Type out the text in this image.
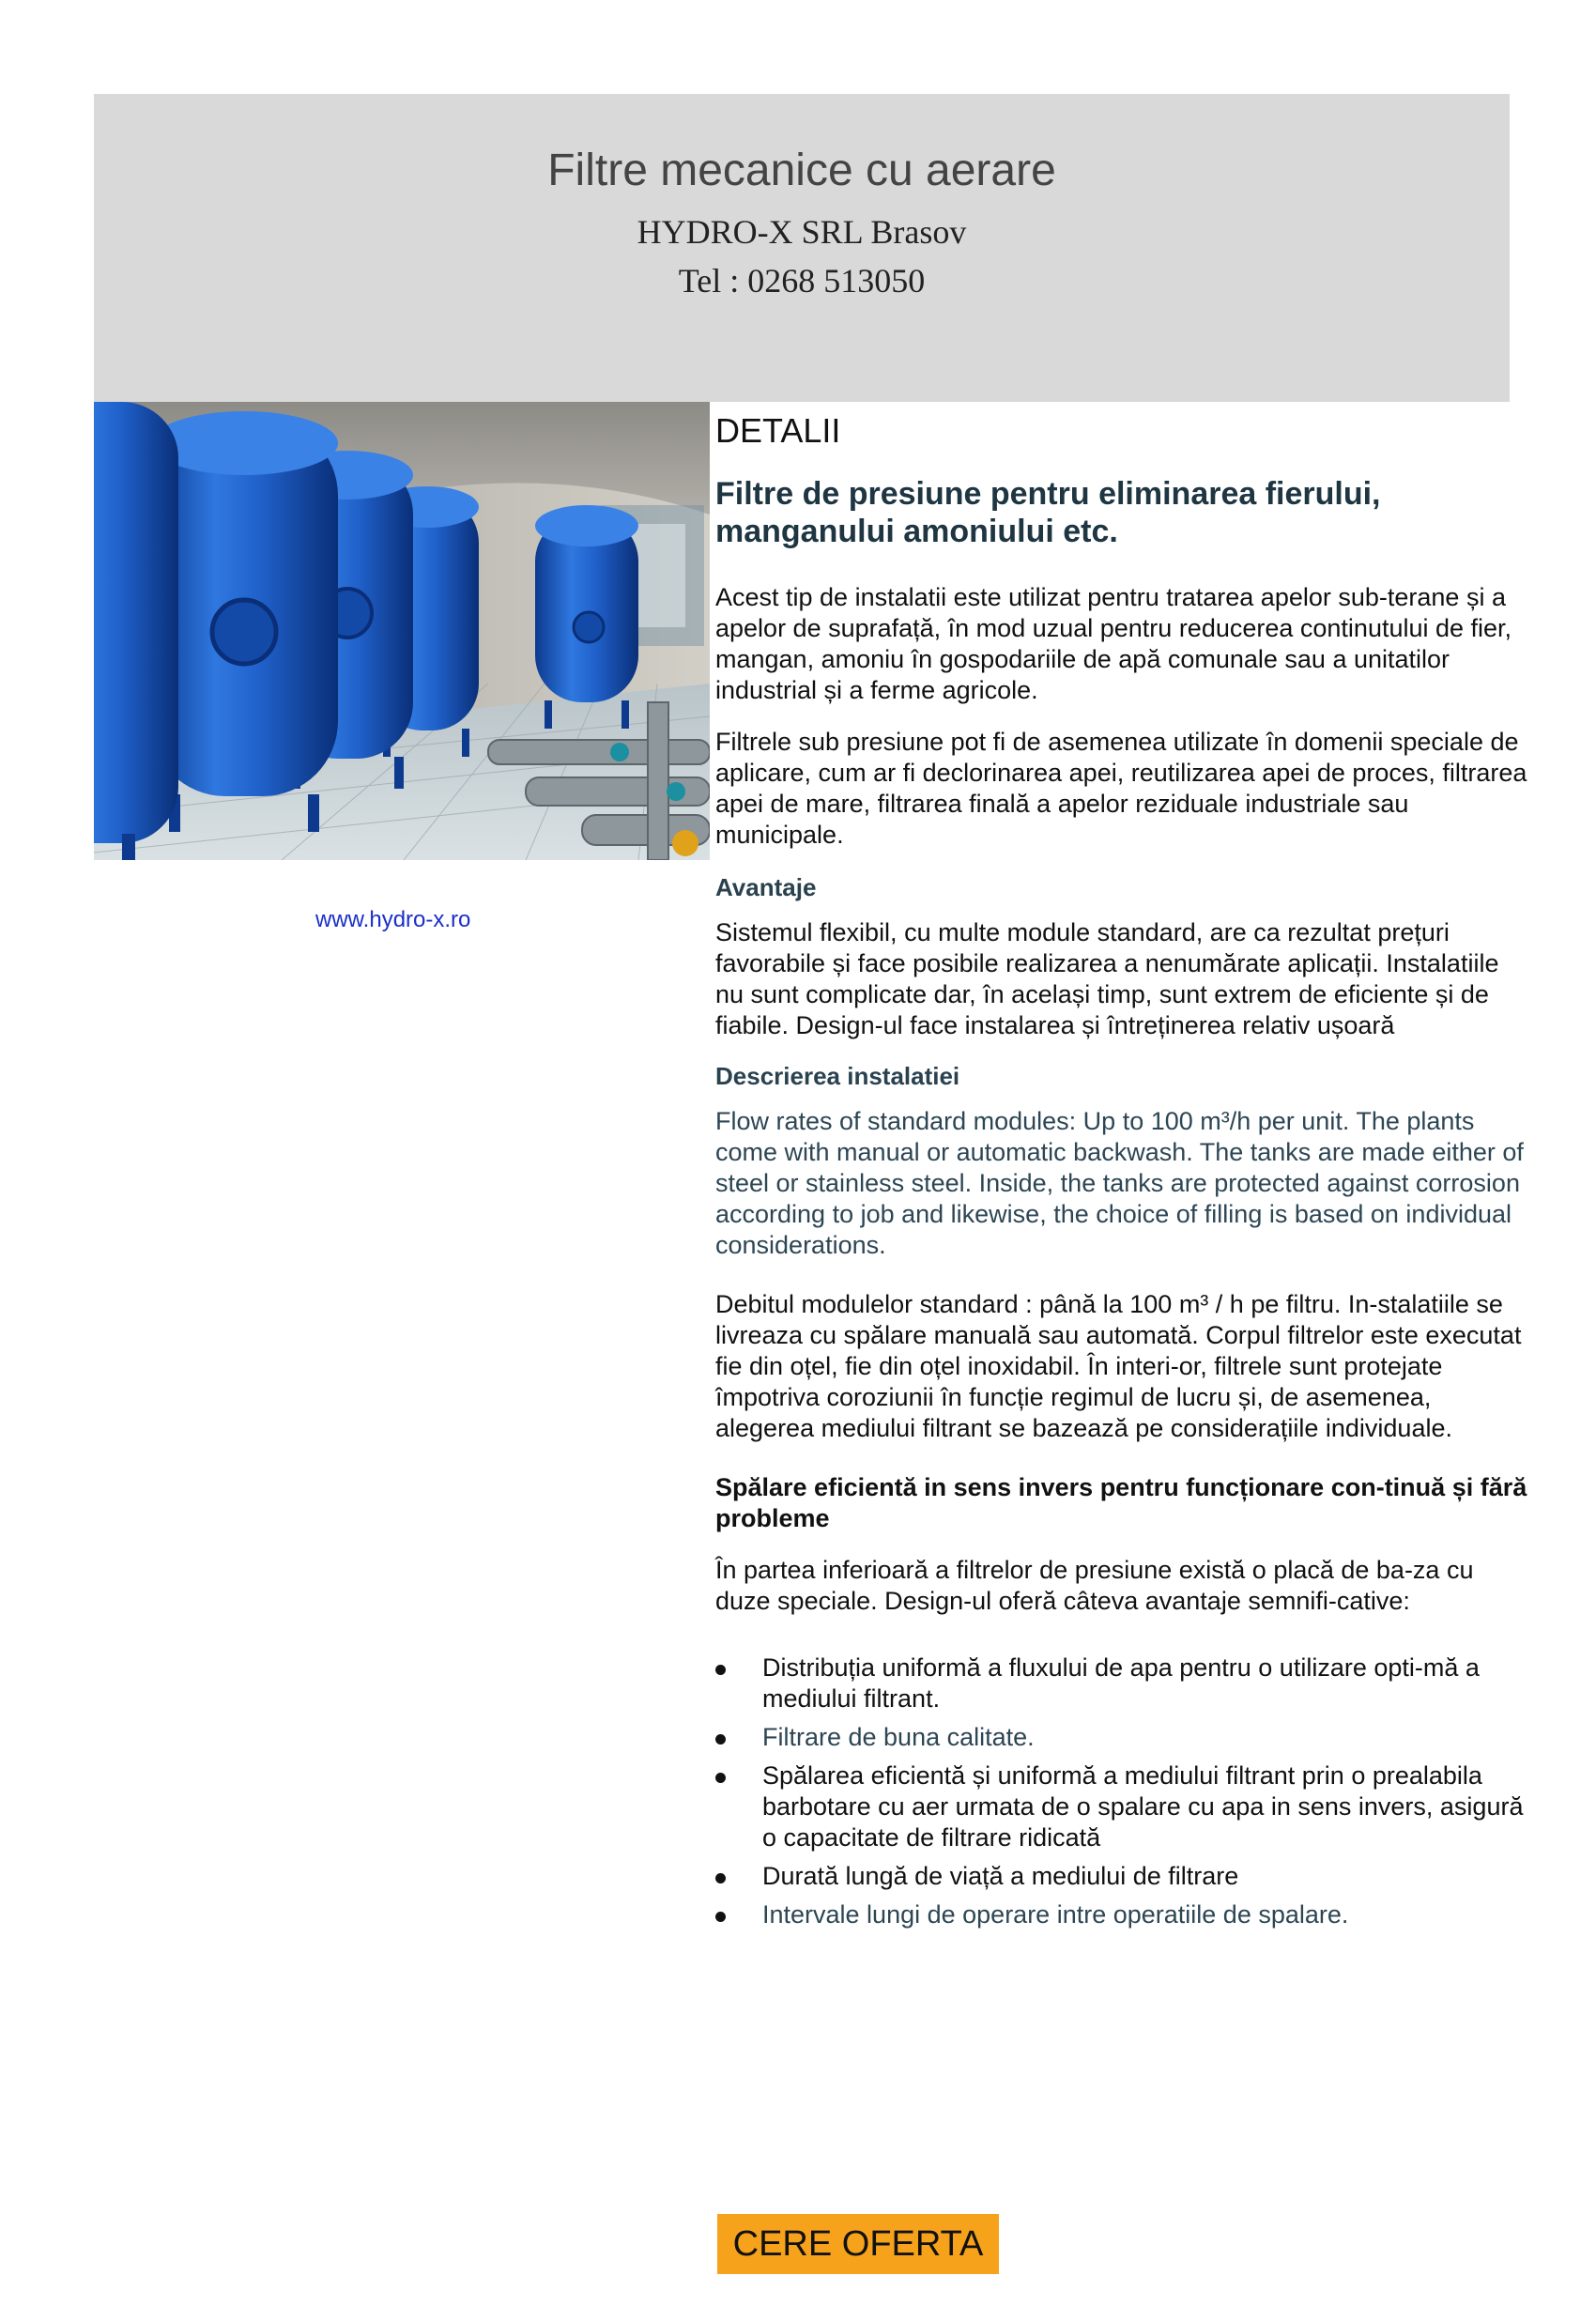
Filtre mecanice cu aerare
HYDRO-X SRL Brasov
Tel : 0268 513050
www.hydro-x.ro
DETALII
Filtre de presiune pentru eliminarea fierului, manganului amoniului etc.

Acest tip de instalatii este utilizat pentru tratarea apelor sub-terane și a apelor de suprafață, în mod uzual pentru reducerea continutului de fier, mangan, amoniu în gospodariile de apă comunale sau a unitatilor industrial și a ferme agricole.

Filtrele sub presiune pot fi de asemenea utilizate în domenii speciale de aplicare, cum ar fi declorinarea apei, reutilizarea apei de proces, filtrarea apei de mare, filtrarea finală a apelor reziduale industriale sau municipale.

Avantaje

Sistemul flexibil, cu multe module standard, are ca rezultat prețuri favorabile și face posibile realizarea a nenumărate aplicații. Instalatiile nu sunt complicate dar, în același timp, sunt extrem de eficiente și de fiabile. Design-ul face instalarea și întreținerea relativ ușoară

Descrierea instalatiei

Flow rates of standard modules: Up to 100 m³/h per unit. The plants come with manual or automatic backwash. The tanks are made either of steel or stainless steel. Inside, the tanks are protected against corrosion according to job and likewise, the choice of filling is based on individual considerations.

Debitul modulelor standard : până la 100 m³ / h pe filtru. In-stalatiile se livreaza cu spălare manuală sau automată. Corpul filtrelor este executat fie din oțel, fie din oțel inoxidabil. În interi-or, filtrele sunt protejate împotriva coroziunii în funcție regimul de lucru și, de asemenea, alegerea mediului filtrant se bazează pe considerațiile individuale.

Spălare eficientă in sens invers pentru funcționare con-tinuă și fără probleme

În partea inferioară a filtrelor de presiune există o placă de ba-za cu duze speciale. Design-ul oferă câteva avantaje semnifi-cative:

Distribuția uniformă a fluxului de apa pentru o utilizare opti-mă a mediului filtrant.
Filtrare de buna calitate.
Spălarea eficientă și uniformă a mediului filtrant prin o prealabila barbotare cu aer urmata de o spalare cu apa in sens invers, asigură o capacitate de filtrare ridicată
Durată lungă de viață a mediului de filtrare
Intervale lungi de operare intre operatiile de spalare.
CERE OFERTA
